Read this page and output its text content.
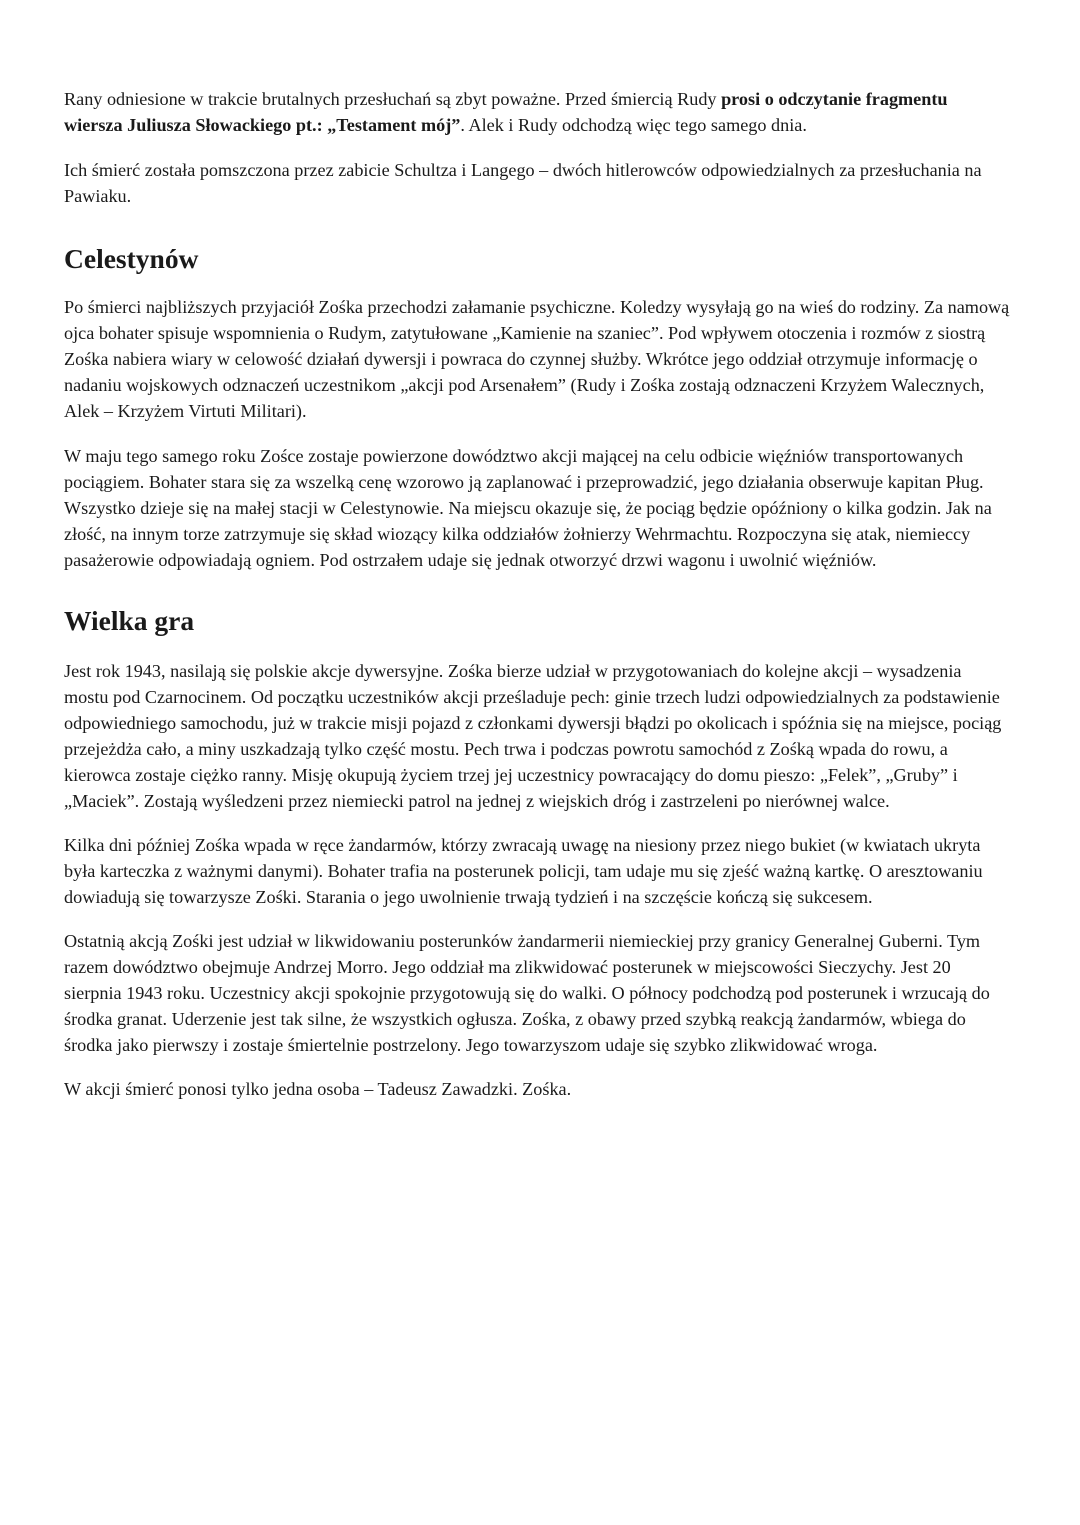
Rany odniesione w trakcie brutalnych przesłuchań są zbyt poważne. Przed śmiercią Rudy prosi o odczytanie fragmentu wiersza Juliusza Słowackiego pt.: „Testament mój”. Alek i Rudy odchodzą więc tego samego dnia.

Ich śmierć została pomszczona przez zabicie Schultza i Langego – dwóch hitlerowców odpowiedzialnych za przesłuchania na Pawiaku.

Celestynów

Po śmierci najbliższych przyjaciół Zośka przechodzi załamanie psychiczne. Koledzy wysyłają go na wieś do rodziny. Za namową ojca bohater spisuje wspomnienia o Rudym, zatytułowane „Kamienie na szaniec”. Pod wpływem otoczenia i rozmów z siostrą Zośka nabiera wiary w celowość działań dywersji i powraca do czynnej służby. Wkrótce jego oddział otrzymuje informację o nadaniu wojskowych odznaczeń uczestnikom „akcji pod Arsenałem” (Rudy i Zośka zostają odznaczeni Krzyżem Walecznych, Alek – Krzyżem Virtuti Militari).

W maju tego samego roku Zośce zostaje powierzone dowództwo akcji mającej na celu odbicie więźniów transportowanych pociągiem. Bohater stara się za wszelką cenę wzorowo ją zaplanować i przeprowadzić, jego działania obserwuje kapitan Pług. Wszystko dzieje się na małej stacji w Celestynowie. Na miejscu okazuje się, że pociąg będzie opóźniony o kilka godzin. Jak na złość, na innym torze zatrzymuje się skład wiozący kilka oddziałów żołnierzy Wehrmachtu. Rozpoczyna się atak, niemieccy pasażerowie odpowiadają ogniem. Pod ostrzałem udaje się jednak otworzyć drzwi wagonu i uwolnić więźniów.

Wielka gra

Jest rok 1943, nasilają się polskie akcje dywersyjne. Zośka bierze udział w przygotowaniach do kolejne akcji – wysadzenia mostu pod Czarnocinem. Od początku uczestników akcji prześladuje pech: ginie trzech ludzi odpowiedzialnych za podstawienie odpowiedniego samochodu, już w trakcie misji pojazd z członkami dywersji błądzi po okolicach i spóźnia się na miejsce, pociąg przejeżdża cało, a miny uszkadzają tylko część mostu. Pech trwa i podczas powrotu samochód z Zośką wpada do rowu, a kierowca zostaje ciężko ranny. Misję okupują życiem trzej jej uczestnicy powracający do domu pieszo: „Felek”, „Gruby” i „Maciek”. Zostają wyśledzeni przez niemiecki patrol na jednej z wiejskich dróg i zastrzeleni po nierównej walce.

Kilka dni później Zośka wpada w ręce żandarmów, którzy zwracają uwagę na niesiony przez niego bukiet (w kwiatach ukryta była karteczka z ważnymi danymi). Bohater trafia na posterunek policji, tam udaje mu się zjeść ważną kartkę. O aresztowaniu dowiadują się towarzysze Zośki. Starania o jego uwolnienie trwają tydzień i na szczęście kończą się sukcesem.

Ostatnią akcją Zośki jest udział w likwidowaniu posterunków żandarmerii niemieckiej przy granicy Generalnej Guberni. Tym razem dowództwo obejmuje Andrzej Morro. Jego oddział ma zlikwidować posterunek w miejscowości Sieczychy. Jest 20 sierpnia 1943 roku. Uczestnicy akcji spokojnie przygotowują się do walki. O północy podchodzą pod posterunek i wrzucają do środka granat. Uderzenie jest tak silne, że wszystkich ogłusza. Zośka, z obawy przed szybką reakcją żandarmów, wbiega do środka jako pierwszy i zostaje śmiertelnie postrzelony. Jego towarzyszom udaje się szybko zlikwidować wroga.

W akcji śmierć ponosi tylko jedna osoba – Tadeusz Zawadzki. Zośka.
